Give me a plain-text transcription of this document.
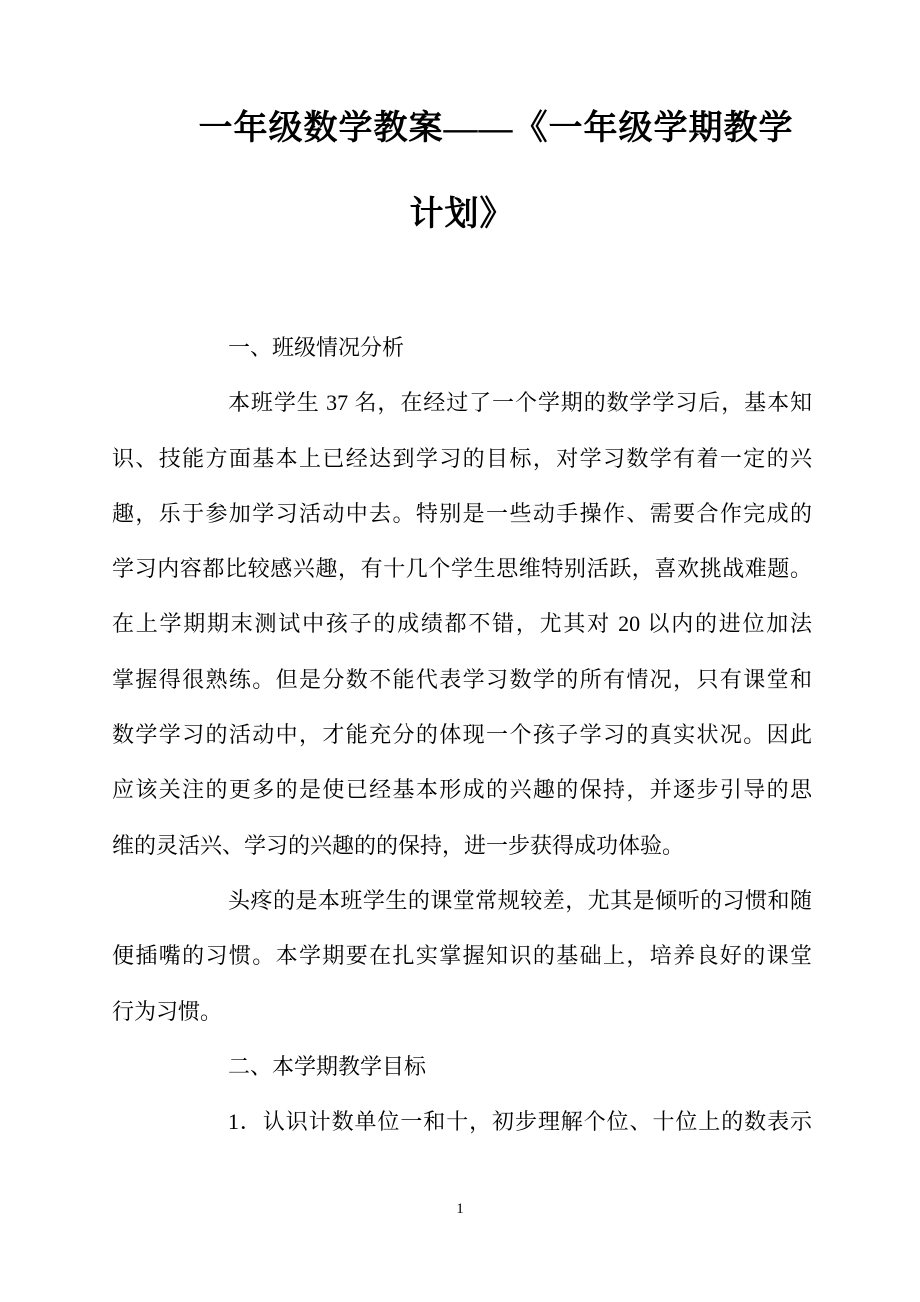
一年级数学教案——《一年级学期教学
计划》
一、班级情况分析
本班学生 37 名，在经过了一个学期的数学学习后，基本知
识、技能方面基本上已经达到学习的目标，对学习数学有着一定的兴
趣，乐于参加学习活动中去。特别是一些动手操作、需要合作完成的
学习内容都比较感兴趣，有十几个学生思维特别活跃，喜欢挑战难题。
在上学期期末测试中孩子的成绩都不错，尤其对 20 以内的进位加法
掌握得很熟练。但是分数不能代表学习数学的所有情况，只有课堂和
数学学习的活动中，才能充分的体现一个孩子学习的真实状况。因此
应该关注的更多的是使已经基本形成的兴趣的保持，并逐步引导的思
维的灵活兴、学习的兴趣的的保持，进一步获得成功体验。
头疼的是本班学生的课堂常规较差，尤其是倾听的习惯和随
便插嘴的习惯。本学期要在扎实掌握知识的基础上，培养良好的课堂
行为习惯。
二、本学期教学目标
1．认识计数单位一和十，初步理解个位、十位上的数表示
1
